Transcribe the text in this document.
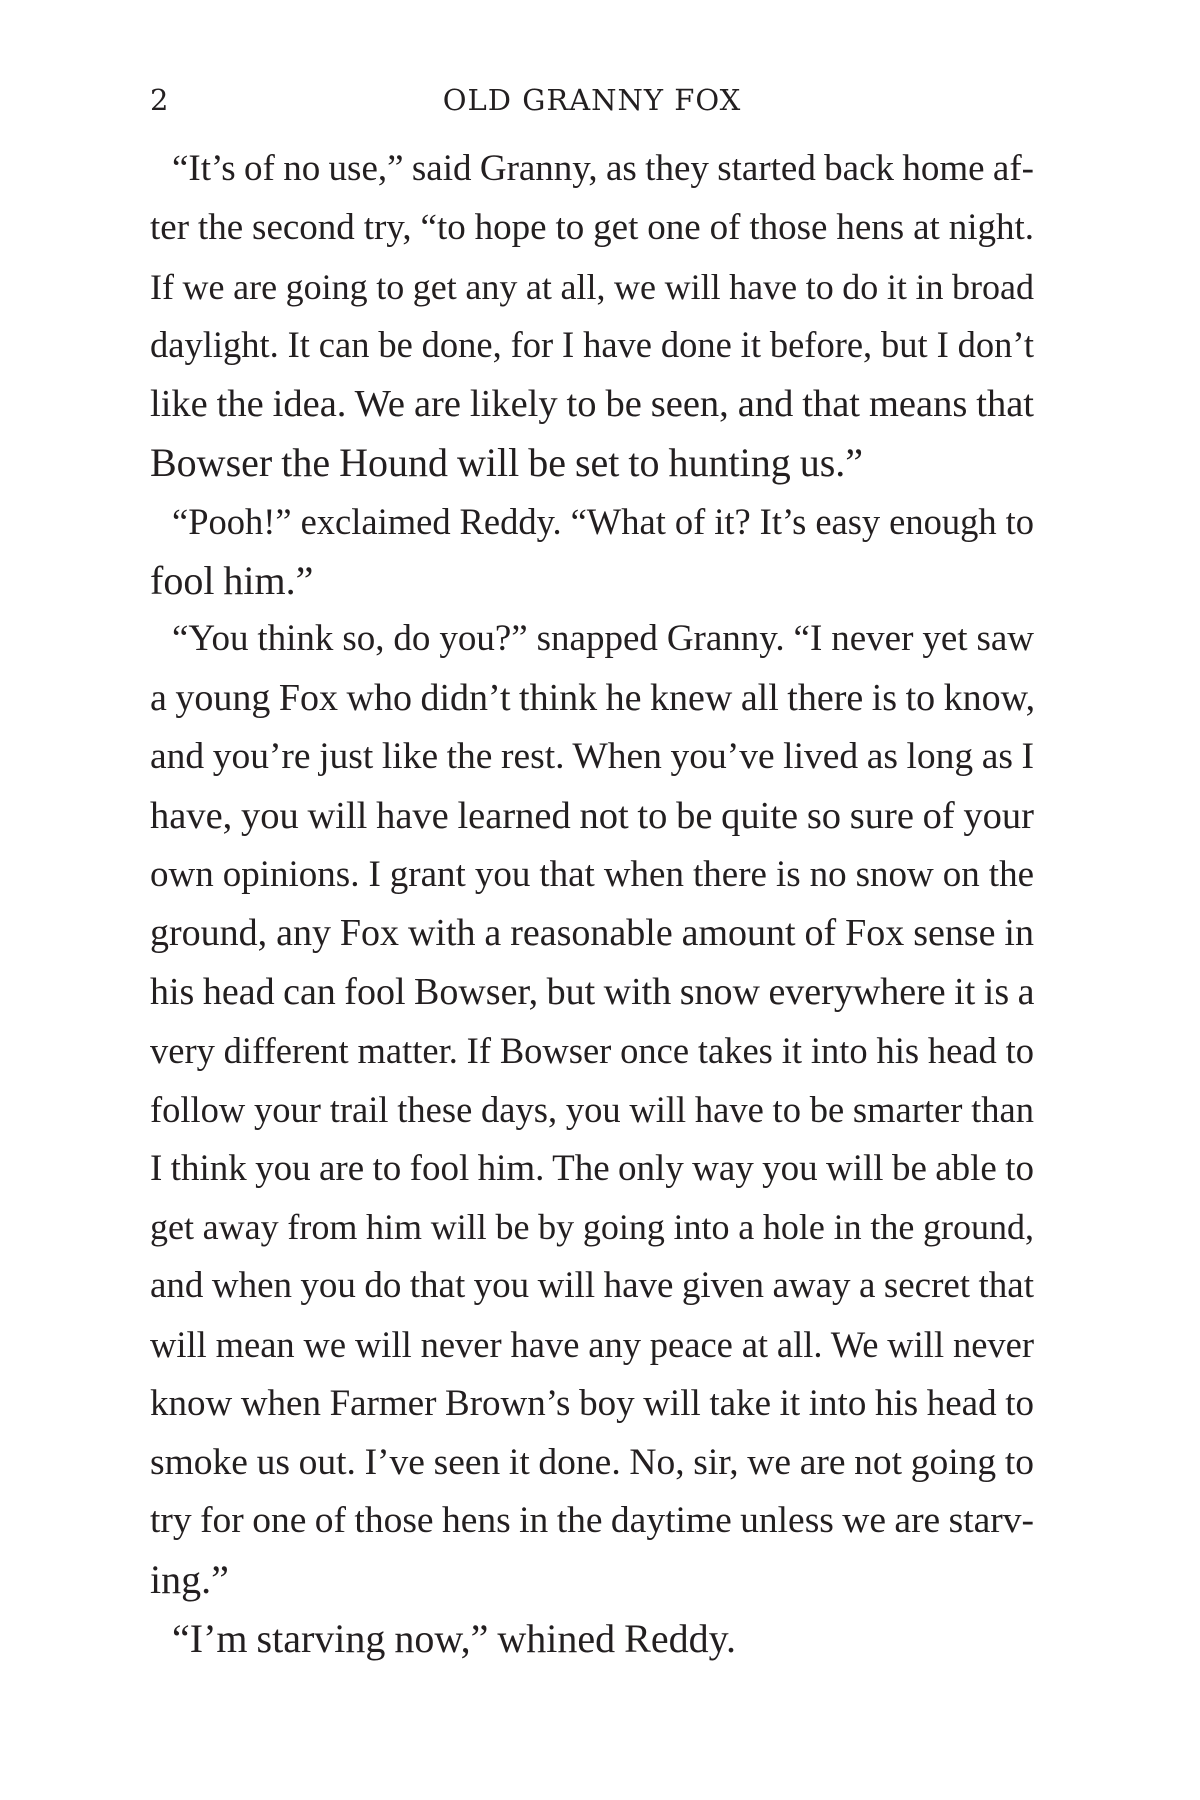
2	OLD GRANNY FOX
“It’s of no use,” said Granny, as they started back home af-
ter the second try, “to hope to get one of those hens at night.
If we are going to get any at all, we will have to do it in broad
daylight. It can be done, for I have done it before, but I don’t
like the idea. We are likely to be seen, and that means that
Bowser the Hound will be set to hunting us.”
“Pooh!” exclaimed Reddy. “What of it? It’s easy enough to
fool him.”
“You think so, do you?” snapped Granny. “I never yet saw
a young Fox who didn’t think he knew all there is to know,
and you’re just like the rest. When you’ve lived as long as I
have, you will have learned not to be quite so sure of your
own opinions. I grant you that when there is no snow on the
ground, any Fox with a reasonable amount of Fox sense in
his head can fool Bowser, but with snow everywhere it is a
very different matter. If Bowser once takes it into his head to
follow your trail these days, you will have to be smarter than
I think you are to fool him. The only way you will be able to
get away from him will be by going into a hole in the ground,
and when you do that you will have given away a secret that
will mean we will never have any peace at all. We will never
know when Farmer Brown’s boy will take it into his head to
smoke us out. I’ve seen it done. No, sir, we are not going to
try for one of those hens in the daytime unless we are starv-
ing.”
“I’m starving now,” whined Reddy.
